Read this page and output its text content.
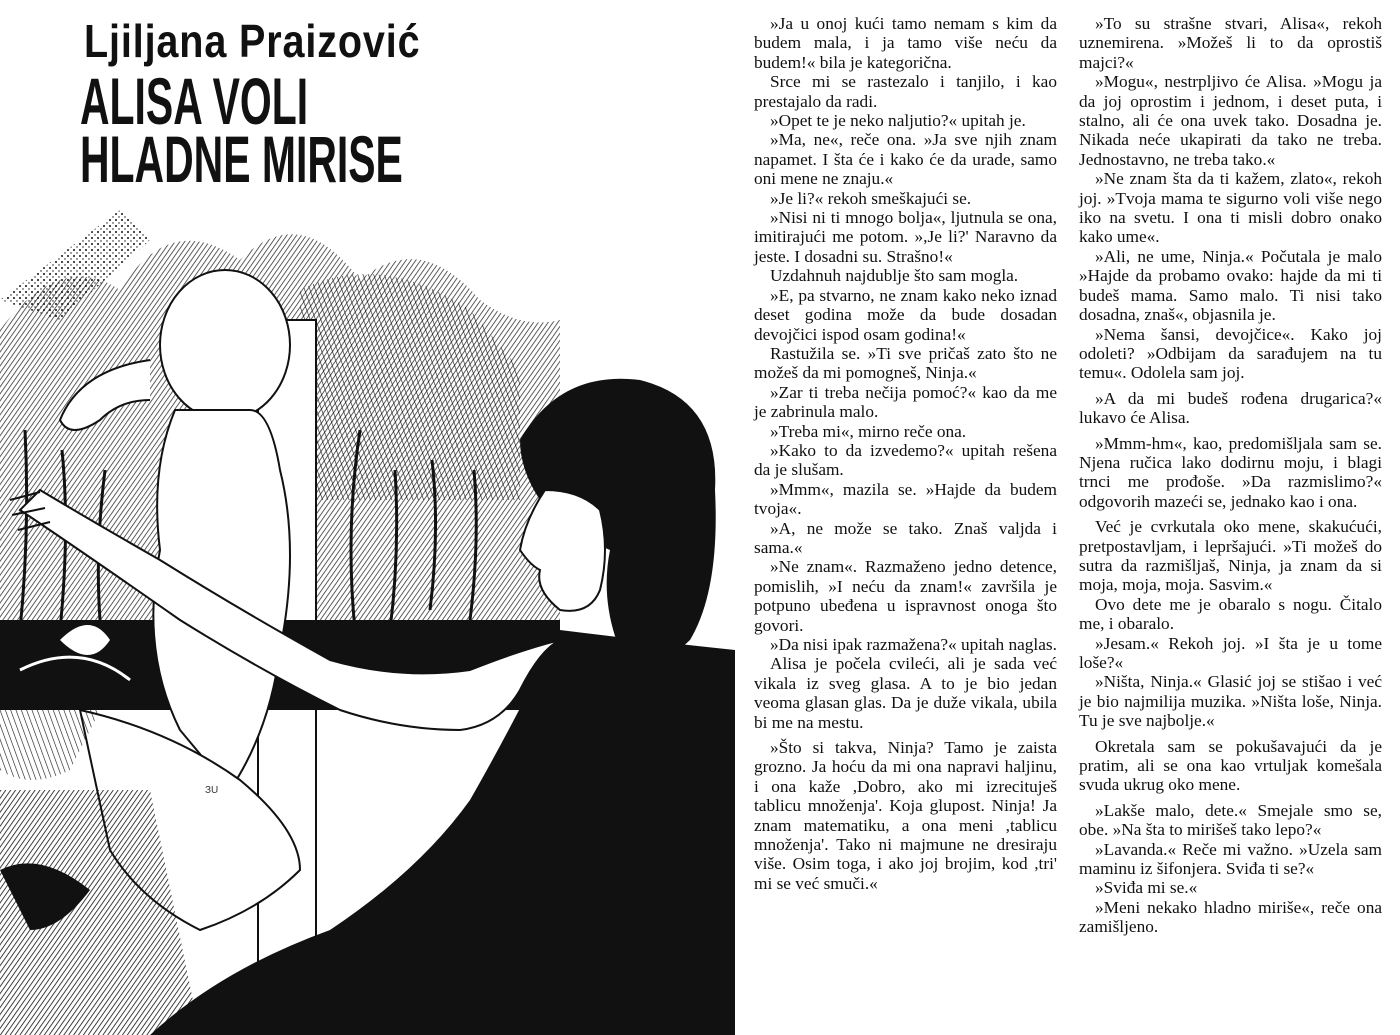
Ljiljana Praizović
ALISA VOLI
HLADNE MIRISE
ЗU

»Ja u onoj kući tamo nemam s kim da budem mala, i ja tamo više neću da budem!« bila je kategorična.

Srce mi se rastezalo i tanjilo, i kao prestajalo da radi.

»Opet te je neko naljutio?« upitah je.

»Ma, ne«, reče ona. »Ja sve njih znam napamet. I šta će i kako će da urade, samo oni mene ne znaju.«

»Je li?« rekoh smeškajući se.

»Nisi ni ti mnogo bolja«, ljutnula se ona, imitirajući me potom. »,Je li?' Naravno da jeste. I dosadni su. Strašno!«

Uzdahnuh najdublje što sam mogla.

»E, pa stvarno, ne znam kako neko iznad deset godina može da bude dosadan devojčici ispod osam godina!«

Rastužila se. »Ti sve pričaš zato što ne možeš da mi pomogneš, Ninja.«

»Zar ti treba nečija pomoć?« kao da me je zabrinula malo.

»Treba mi«, mirno reče ona.

»Kako to da izvedemo?« upitah rešena da je slušam.

»Mmm«, mazila se. »Hajde da budem tvoja«.

»A, ne može se tako. Znaš valjda i sama.«

»Ne znam«. Razmaženo jedno detence, pomislih, »I neću da znam!« završila je potpuno ubeđena u ispravnost onoga što govori.

»Da nisi ipak razmažena?« upitah naglas.

Alisa je počela cvileći, ali je sada već vikala iz sveg glasa. A to je bio jedan veoma glasan glas. Da je duže vikala, ubila bi me na mestu.

»Što si takva, Ninja? Tamo je zaista grozno. Ja hoću da mi ona napravi haljinu, i ona kaže ,Dobro, ako mi izrecituješ tablicu množenja'. Koja glupost. Ninja! Ja znam matematiku, a ona meni ,tablicu množenja'. Tako ni majmune ne dresiraju više. Osim toga, i ako joj brojim, kod ,tri' mi se već smuči.«

»To su strašne stvari, Alisa«, rekoh uznemirena. »Možeš li to da oprostiš majci?«

»Mogu«, nestrpljivo će Alisa. »Mogu ja da joj oprostim i jednom, i deset puta, i stalno, ali će ona uvek tako. Dosadna je. Nikada neće ukapirati da tako ne treba. Jednostavno, ne treba tako.«

»Ne znam šta da ti kažem, zlato«, rekoh joj. »Tvoja mama te sigurno voli više nego iko na svetu. I ona ti misli dobro onako kako ume«.

»Ali, ne ume, Ninja.« Počutala je malo »Hajde da probamo ovako: hajde da mi ti budeš mama. Samo malo. Ti nisi tako dosadna, znaš«, objasnila je.

»Nema šansi, devojčice«. Kako joj odoleti? »Odbijam da sarađujem na tu temu«. Odolela sam joj.

»A da mi budeš rođena drugarica?« lukavo će Alisa.

»Mmm-hm«, kao, predomišljala sam se. Njena ručica lako dodirnu moju, i blagi trnci me prođoše. »Da razmislimo?« odgovorih mazeći se, jednako kao i ona.

Već je cvrkutala oko mene, skakućući, pretpostavljam, i lepršajući. »Ti možeš do sutra da razmišljaš, Ninja, ja znam da si moja, moja, moja. Sasvim.«

Ovo dete me je obaralo s nogu. Čitalo me, i obaralo.

»Jesam.« Rekoh joj. »I šta je u tome loše?«

»Ništa, Ninja.« Glasić joj se stišao i već je bio najmilija muzika. »Ništa loše, Ninja. Tu je sve najbolje.«

Okretala sam se pokušavajući da je pratim, ali se ona kao vrtuljak komešala svuda ukrug oko mene.

»Lakše malo, dete.« Smejale smo se, obe. »Na šta to mirišeš tako lepo?«

»Lavanda.« Reče mi važno. »Uzela sam maminu iz šifonjera. Sviđa ti se?«

»Sviđa mi se.«

»Meni nekako hladno miriše«, reče ona zamišljeno.
